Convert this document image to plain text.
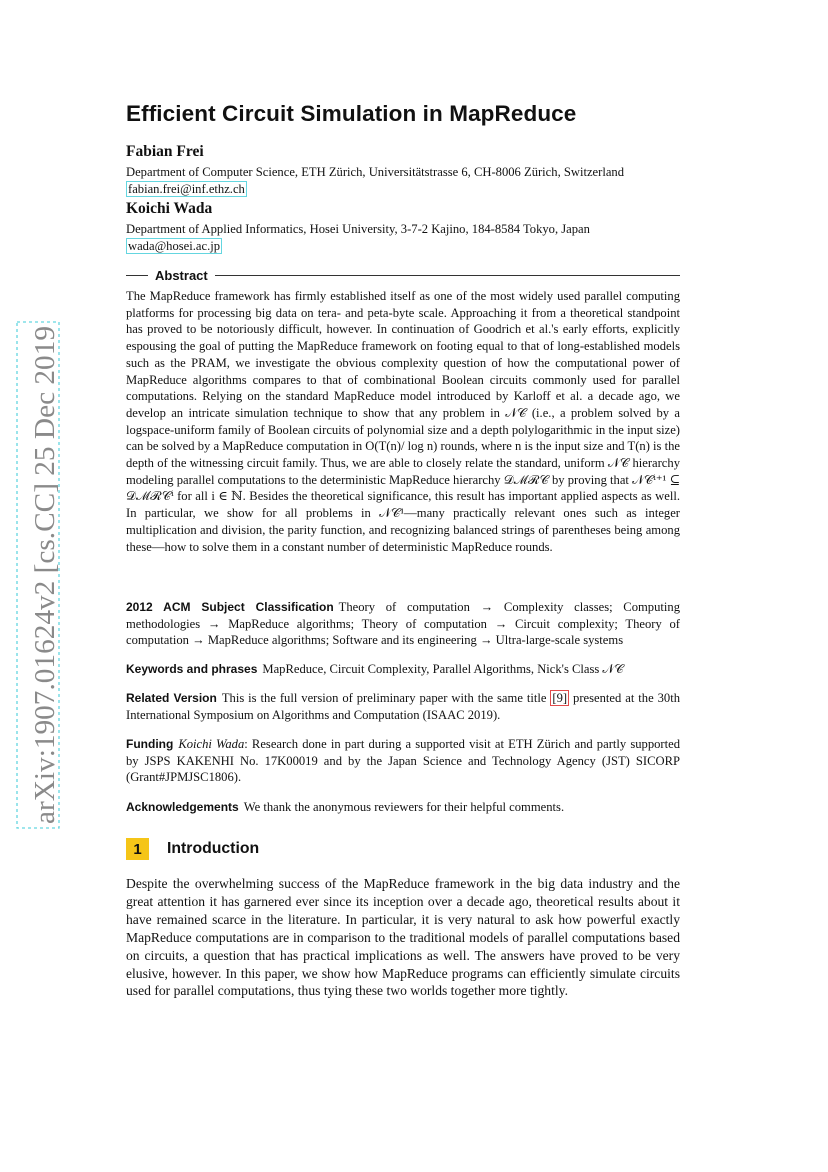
arXiv:1907.01624v2 [cs.CC] 25 Dec 2019
Efficient Circuit Simulation in MapReduce
Fabian Frei
Department of Computer Science, ETH Zürich, Universitätstrasse 6, CH-8006 Zürich, Switzerland
fabian.frei@inf.ethz.ch
Koichi Wada
Department of Applied Informatics, Hosei University, 3-7-2 Kajino, 184-8584 Tokyo, Japan
wada@hosei.ac.jp
Abstract

The MapReduce framework has firmly established itself as one of the most widely used parallel computing platforms for processing big data on tera- and peta-byte scale. Approaching it from a theoretical standpoint has proved to be notoriously difficult, however. In continuation of Goodrich et al.'s early efforts, explicitly espousing the goal of putting the MapReduce framework on footing equal to that of long-established models such as the PRAM, we investigate the obvious complexity question of how the computational power of MapReduce algorithms compares to that of combinational Boolean circuits commonly used for parallel computations. Relying on the standard MapReduce model introduced by Karloff et al. a decade ago, we develop an intricate simulation technique to show that any problem in 𝒩𝒞 (i.e., a problem solved by a logspace-uniform family of Boolean circuits of polynomial size and a depth polylogarithmic in the input size) can be solved by a MapReduce computation in O(T(n)/ log n) rounds, where n is the input size and T(n) is the depth of the witnessing circuit family. Thus, we are able to closely relate the standard, uniform 𝒩𝒞 hierarchy modeling parallel computations to the deterministic MapReduce hierarchy 𝒟ℳℛ𝒞 by proving that 𝒩𝒞ⁱ⁺¹ ⊆ 𝒟ℳℛ𝒞ⁱ for all i ∈ ℕ. Besides the theoretical significance, this result has important applied aspects as well. In particular, we show for all problems in 𝒩𝒞¹—many practically relevant ones such as integer multiplication and division, the parity function, and recognizing balanced strings of parentheses being among these—how to solve them in a constant number of deterministic MapReduce rounds.

2012 ACM Subject Classification Theory of computation → Complexity classes; Computing methodologies → MapReduce algorithms; Theory of computation → Circuit complexity; Theory of computation → MapReduce algorithms; Software and its engineering → Ultra-large-scale systems

Keywords and phrases MapReduce, Circuit Complexity, Parallel Algorithms, Nick's Class 𝒩𝒞

Related Version This is the full version of preliminary paper with the same title [9] presented at the 30th International Symposium on Algorithms and Computation (ISAAC 2019).

Funding Koichi Wada: Research done in part during a supported visit at ETH Zürich and partly supported by JSPS KAKENHI No. 17K00019 and by the Japan Science and Technology Agency (JST) SICORP (Grant#JPMJSC1806).

Acknowledgements We thank the anonymous reviewers for their helpful comments.

1	Introduction

Despite the overwhelming success of the MapReduce framework in the big data industry and the great attention it has garnered ever since its inception over a decade ago, theoretical results about it have remained scarce in the literature. In particular, it is very natural to ask how powerful exactly MapReduce computations are in comparison to the traditional models of parallel computations based on circuits, a question that has practical implications as well. The answers have proved to be very elusive, however. In this paper, we show how MapReduce programs can efficiently simulate circuits used for parallel computations, thus tying these two worlds together more tightly.
